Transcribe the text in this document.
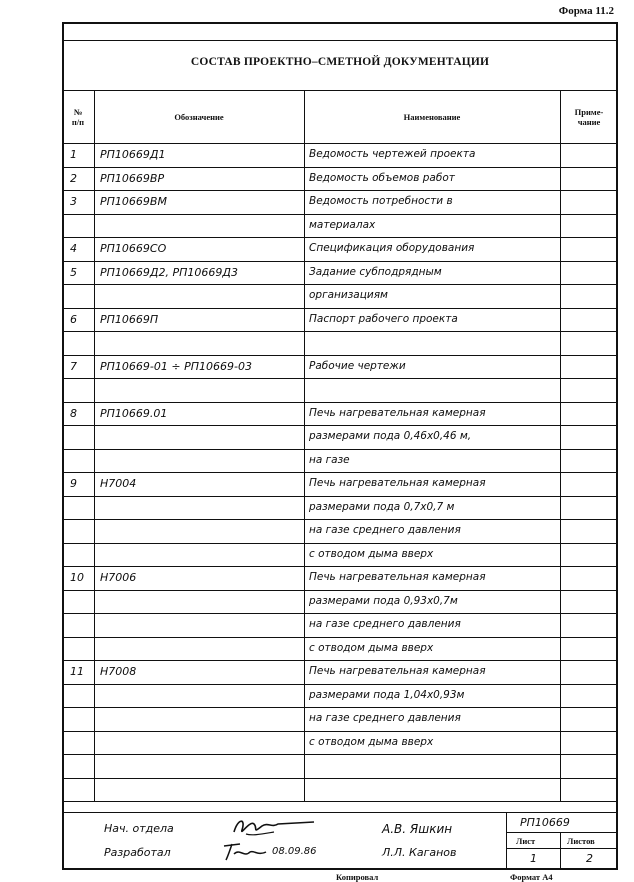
Форма 11.2
СОСТАВ ПРОЕКТНО–СМЕТНОЙ ДОКУМЕНТАЦИИ
№
п/п	Обозначение	Наименование	Приме-
чание
1 РП10669Д1	Ведомость чертежей проекта
2 РП10669ВР	Ведомость объемов работ
3 РП10669ВМ	Ведомость потребности в
материалах
4 РП10669СО	Спецификация оборудования
5 РП10669Д2, РП10669Д3	Задание субподрядным
организациям
6 РП10669П	Паспорт рабочего проекта
7 РП10669-01 ÷ РП10669-03	Рабочие чертежи
8 РП10669.01	Печь нагревательная камерная
размерами пода 0,46х0,46 м,
на газе
9 Н7004	Печь нагревательная камерная
размерами пода 0,7х0,7 м
на газе среднего давления
с отводом дыма вверх
10 Н7006	Печь нагревательная камерная
размерами пода 0,93х0,7м
на газе среднего давления
с отводом дыма вверх
11 Н7008	Печь нагревательная камерная
размерами пода 1,04х0,93м
на газе среднего давления
с отводом дыма вверх
Нач. отдела
Разработал	08.09.86
А.В. Яшкин
Л.Л. Каганов
РП10669
Лист	Листов
1	2
Копировал	Формат А4
